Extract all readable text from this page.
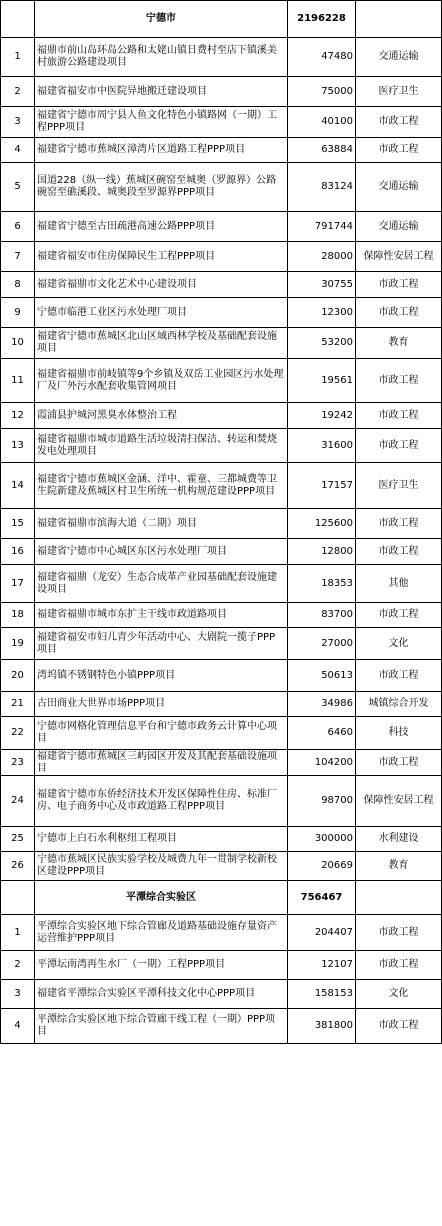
	宁德市	2196228	
1	福鼎市前山岛环岛公路和太姥山镇日费村至店下镇溪美村旅游公路建设项目	47480	交通运输
2	福建省福安市中医院异地搬迁建设项目	75000	医疗卫生
3	福建省宁德市周宁县人鱼文化特色小镇路网（一期）工程PPP项目	40100	市政工程
4	福建省宁德市蕉城区漳湾片区道路工程PPP项目	63884	市政工程
5	国道228（纵一线）蕉城区碗窑至城奥（罗源界）公路碗窑至礁溪段、城奥段至罗源界PPP项目	83124	交通运输
6	福建省宁德至古田疏港高速公路PPP项目	791744	交通运输
7	福建省福安市住房保障民生工程PPP项目	28000	保障性安居工程
8	福建省福鼎市文化艺术中心建设项目	30755	市政工程
9	宁德市临港工业区污水处理厂项目	12300	市政工程
10	福建省宁德市蕉城区北山区域西林学校及基础配套设施项目	53200	教育
11	福建省福鼎市前岐镇等9个乡镇及双岳工业园区污水处理厂及厂外污水配套收集管网项目	19561	市政工程
12	霞浦县护城河黑臭水体整治工程	19242	市政工程
13	福建省福鼎市城市道路生活垃圾清扫保洁、转运和焚烧发电处理项目	31600	市政工程
14	福建省宁德市蕉城区金涵、洋中、霍童、三都城费等卫生院新建及蕉城区村卫生所统一机构规范建设PPP项目	17157	医疗卫生
15	福建省福鼎市滨海大道（二期）项目	125600	市政工程
16	福建省宁德市中心城区东区污水处理厂项目	12800	市政工程
17	福建省福鼎（龙安）生态合成革产业园基础配套设施建设项目	18353	其他
18	福建省福鼎市城市东扩主干线市政道路项目	83700	市政工程
19	福建省福安市妇儿青少年活动中心、大剧院一揽子PPP项目	27000	文化
20	湾坞镇不锈钢特色小镇PPP项目	50613	市政工程
21	古田商业大世界市场PPP项目	34986	城镇综合开发
22	宁德市网格化管理信息平台和宁德市政务云计算中心项目	6460	科技
23	福建省宁德市蕉城区三屿园区开发及其配套基础设施项目	104200	市政工程
24	福建省宁德市东侨经济技术开发区保障性住房、标准厂房、电子商务中心及市政道路工程PPP项目	98700	保障性安居工程
25	宁德市上白石水利枢纽工程项目	300000	水利建设
26	宁德市蕉城区民族实验学校及城费九年一贯制学校新校区建设PPP项目	20669	教育
	平潭综合实验区	756467	
1	平潭综合实验区地下综合管廊及道路基础设施存量资产运营维护PPP项目	204407	市政工程
2	平潭坛南湾再生水厂（一期）工程PPP项目	12107	市政工程
3	福建省平潭综合实验区平潭科技文化中心PPP项目	158153	文化
4	平潭综合实验区地下综合管廊干线工程（一期）PPP项目	381800	市政工程
